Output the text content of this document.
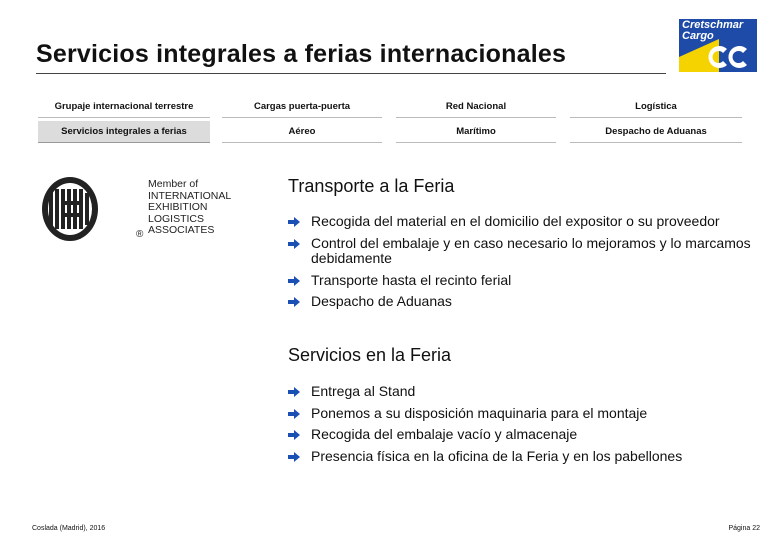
Servicios integrales a ferias internacionales
Cretschmar
Cargo
Grupaje internacional terrestre	Cargas puerta-puerta	Red Nacional	Logística
Servicios integrales a ferias	Aéreo	Marítimo	Despacho de Aduanas
®
Member of
INTERNATIONAL
EXHIBITION
LOGISTICS
ASSOCIATES
Transporte a la Feria
Recogida del material en el domicilio del expositor o su proveedor
Control del embalaje y en caso necesario lo mejoramos y lo marcamos debidamente
Transporte hasta el recinto ferial
Despacho de Aduanas
Servicios en la Feria
Entrega al Stand
Ponemos a su disposición maquinaria para el montaje
Recogida del embalaje vacío y almacenaje
Presencia física en la oficina de la Feria y en los pabellones
Coslada (Madrid), 2016	Página 22
